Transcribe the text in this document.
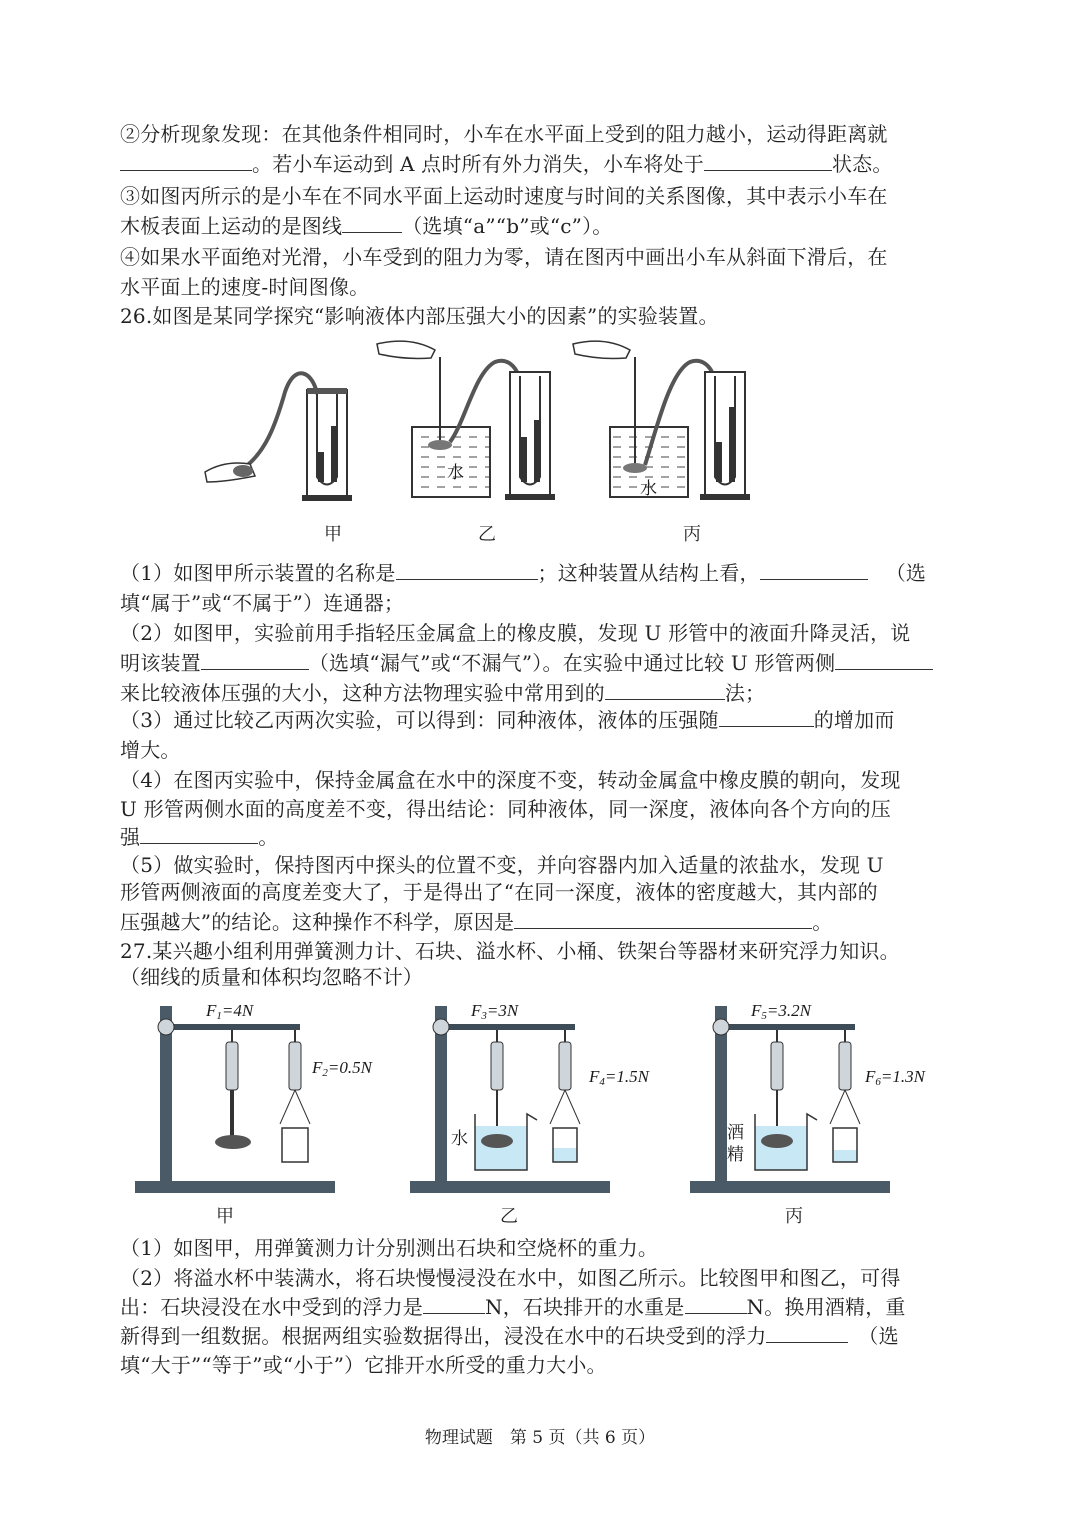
②分析现象发现：在其他条件相同时，小车在水平面上受到的阻力越小，运动得距离就
。若小车运动到 A 点时所有外力消失，小车将处于	状态。
③如图丙所示的是小车在不同水平面上运动时速度与时间的关系图像，其中表示小车在
木板表面上运动的是图线	（选填“a”“b”或“c”）。
④如果水平面绝对光滑，小车受到的阻力为零，请在图丙中画出小车从斜面下滑后，在
水平面上的速度-时间图像。
26.如图是某同学探究“影响液体内部压强大小的因素”的实验装置。
水
水
甲	乙	丙
（1）如图甲所示装置的名称是	；这种装置从结构上看，	（选
填“属于”或“不属于”）连通器；
（2）如图甲，实验前用手指轻压金属盒上的橡皮膜，发现 U 形管中的液面升降灵活，说
明该装置	（选填“漏气”或“不漏气”）。在实验中通过比较 U 形管两侧
来比较液体压强的大小，这种方法物理实验中常用到的	法；
（3）通过比较乙丙两次实验，可以得到：同种液体，液体的压强随	的增加而
增大。
（4）在图丙实验中，保持金属盒在水中的深度不变，转动金属盒中橡皮膜的朝向，发现
U 形管两侧水面的高度差不变，得出结论：同种液体，同一深度，液体向各个方向的压
强	。
（5）做实验时，保持图丙中探头的位置不变，并向容器内加入适量的浓盐水，发现 U
形管两侧液面的高度差变大了，于是得出了“在同一深度，液体的密度越大，其内部的
压强越大”的结论。这种操作不科学，原因是	。
27.某兴趣小组利用弹簧测力计、石块、溢水杯、小桶、铁架台等器材来研究浮力知识。
（细线的质量和体积均忽略不计）
F1=4N
F2=0.5N
F3=3N
F4=1.5N
水
F5=3.2N
F6=1.3N
酒
精
甲	乙	丙
（1）如图甲，用弹簧测力计分别测出石块和空烧杯的重力。
（2）将溢水杯中装满水，将石块慢慢浸没在水中，如图乙所示。比较图甲和图乙，可得
出：石块浸没在水中受到的浮力是	N，石块排开的水重是	N。换用酒精，重
新得到一组数据。根据两组实验数据得出，浸没在水中的石块受到的浮力	（选
填“大于”“等于”或“小于”）它排开水所受的重力大小。
物理试题　第 5 页（共 6 页）
